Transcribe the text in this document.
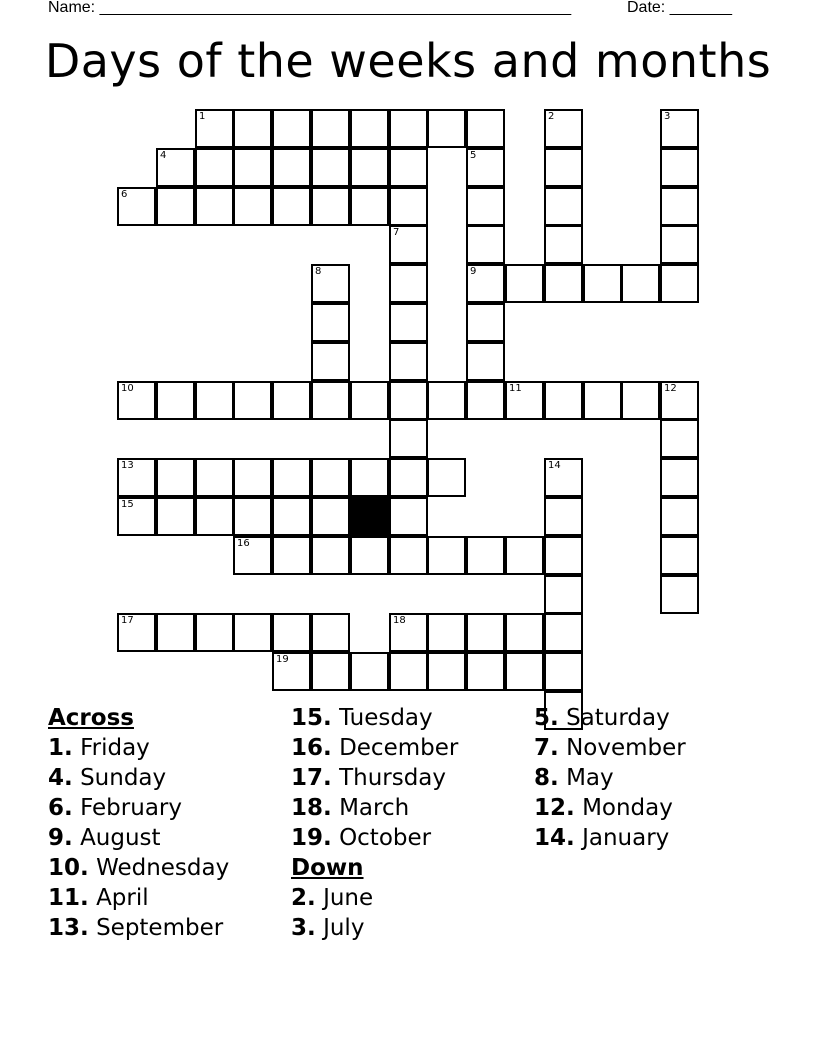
Name: _____________________________________________________	Date: _______
Days of the weeks and months
1	2	3
4	5
9
6
7
8
10	11	12
13	14
15
16
17	18
19
Across
1. Friday
4. Sunday
6. February
9. August
10. Wednesday
11. April
13. September
15. Tuesday
16. December
17. Thursday
18. March
19. October
Down
2. June
3. July
5. Saturday
7. November
8. May
12. Monday
14. January
